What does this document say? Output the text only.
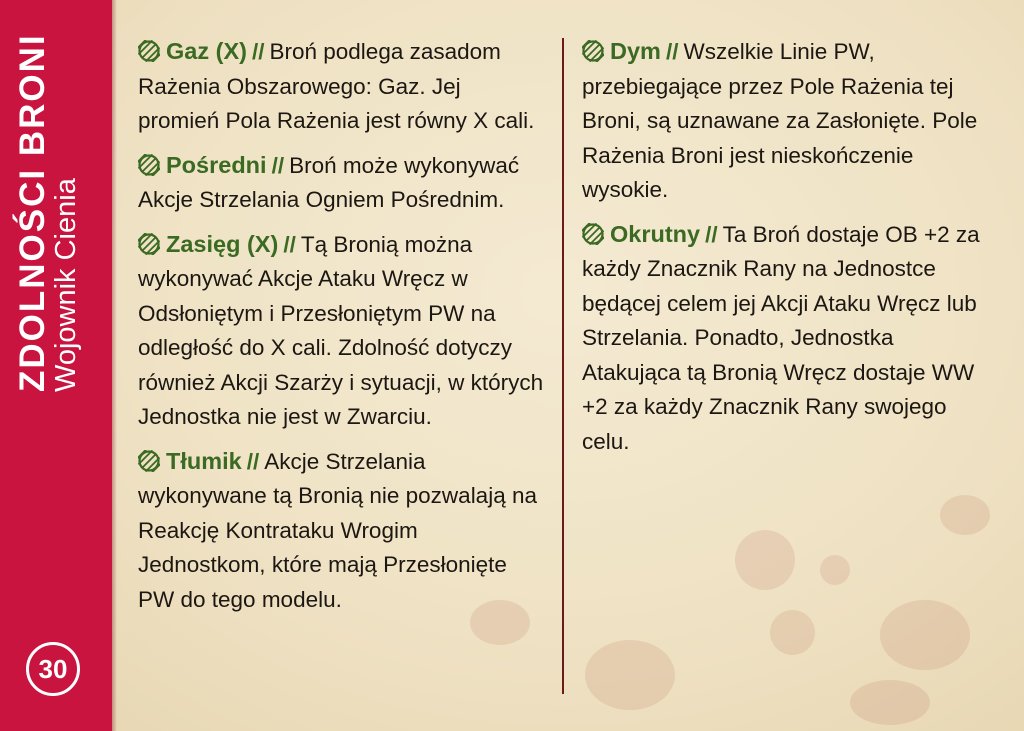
ZDOLNOŚCI BRONI
Wojownik Cienia
30

Gaz (X) // Broń podlega zasadom Rażenia Obszarowego: Gaz. Jej promień Pola Rażenia jest równy X cali.

Pośredni // Broń może wykonywać Akcje Strzelania Ogniem Pośrednim.

Zasięg (X) // Tą Bronią można wykonywać Akcje Ataku Wręcz w Odsłoniętym i Przesłoniętym PW na odległość do X cali. Zdolność dotyczy również Akcji Szarży i sytuacji, w których Jednostka nie jest w Zwarciu.

Tłumik // Akcje Strzelania wykonywane tą Bronią nie pozwalają na Reakcję Kontrataku Wrogim Jednostkom, które mają Przesłonięte PW do tego modelu.

Dym // Wszelkie Linie PW, przebiegające przez Pole Rażenia tej Broni, są uznawane za Zasłonięte. Pole Rażenia Broni jest nieskończenie wysokie.

Okrutny // Ta Broń dostaje OB +2 za każdy Znacznik Rany na Jednostce będącej celem jej Akcji Ataku Wręcz lub Strzelania. Ponadto, Jednostka Atakująca tą Bronią Wręcz dostaje WW +2 za każdy Znacznik Rany swojego celu.
